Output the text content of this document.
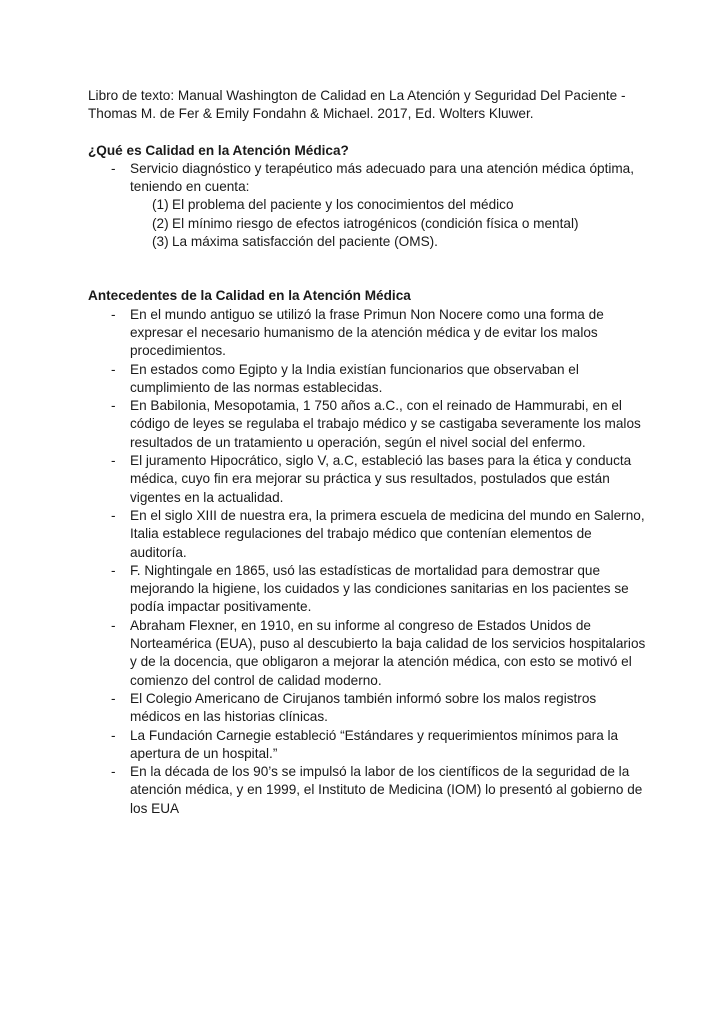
Libro de texto: Manual Washington de Calidad en La Atención y Seguridad Del Paciente -

Thomas M. de Fer & Emily Fondahn & Michael. 2017, Ed. Wolters Kluwer.

¿Qué es Calidad en la Atención Médica?

- Servicio diagnóstico y terapéutico más adecuado para una atención médica óptima, teniendo en cuenta:
(1) El problema del paciente y los conocimientos del médico
(2) El mínimo riesgo de efectos iatrogénicos (condición física o mental)
(3) La máxima satisfacción del paciente (OMS).

Antecedentes de la Calidad en la Atención Médica

- En el mundo antiguo se utilizó la frase Primun Non Nocere como una forma de expresar el necesario humanismo de la atención médica y de evitar los malos procedimientos.
- En estados como Egipto y la India existían funcionarios que observaban el cumplimiento de las normas establecidas.
- En Babilonia, Mesopotamia, 1 750 años a.C., con el reinado de Hammurabi, en el código de leyes se regulaba el trabajo médico y se castigaba severamente los malos resultados de un tratamiento u operación, según el nivel social del enfermo.
- El juramento Hipocrático, siglo V, a.C, estableció las bases para la ética y conducta médica, cuyo fin era mejorar su práctica y sus resultados, postulados que están vigentes en la actualidad.
- En el siglo XIII de nuestra era, la primera escuela de medicina del mundo en Salerno, Italia establece regulaciones del trabajo médico que contenían elementos de auditoría.
- F. Nightingale en 1865, usó las estadísticas de mortalidad para demostrar que mejorando la higiene, los cuidados y las condiciones sanitarias en los pacientes se podía impactar positivamente.
- Abraham Flexner, en 1910, en su informe al congreso de Estados Unidos de Norteamérica (EUA), puso al descubierto la baja calidad de los servicios hospitalarios y de la docencia, que obligaron a mejorar la atención médica, con esto se motivó el comienzo del control de calidad moderno.
- El Colegio Americano de Cirujanos también informó sobre los malos registros médicos en las historias clínicas.
- La Fundación Carnegie estableció “Estándares y requerimientos mínimos para la apertura de un hospital.”
- En la década de los 90’s se impulsó la labor de los científicos de la seguridad de la atención médica, y en 1999, el Instituto de Medicina (IOM) lo presentó al gobierno de los EUA
